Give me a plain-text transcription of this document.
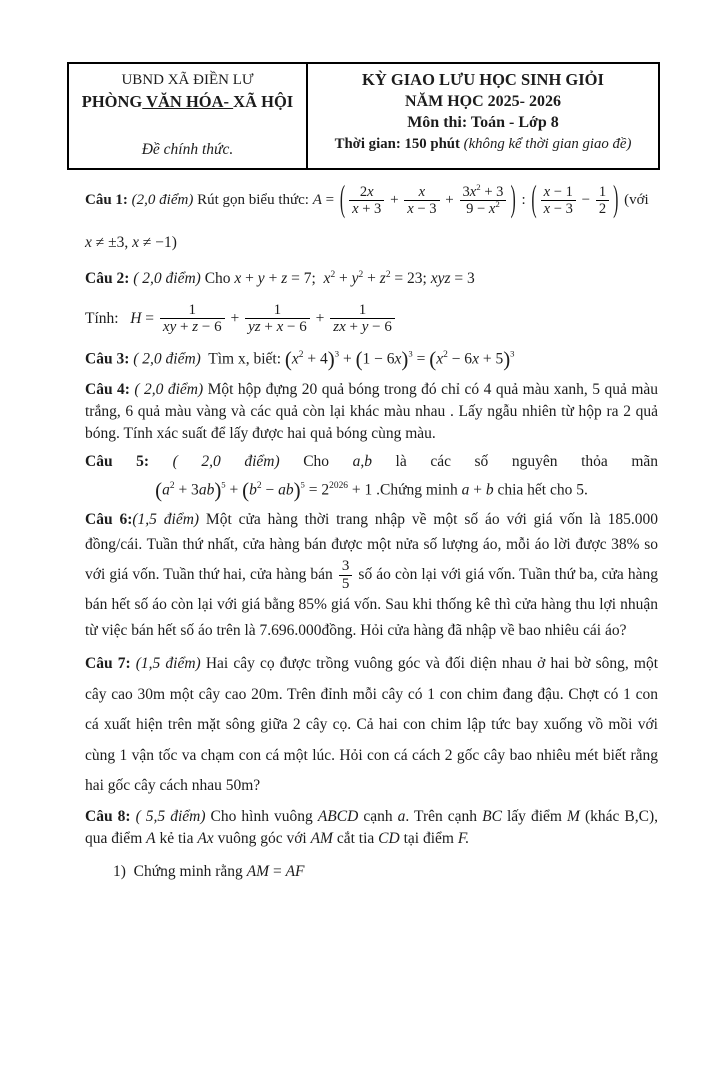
UBND XÃ ĐIỀN LƯ
PHÒNG VĂN HÓA- XÃ HỘI
Đề chính thức.
KỲ GIAO LƯU HỌC SINH GIỎI
NĂM HỌC 2025- 2026
Môn thi: Toán - Lớp 8
Thời gian: 150 phút (không kể thời gian giao đề)
Câu 1: (2,0 điểm) Rút gọn biểu thức: A = ( $\frac{2x}{x + 3} + \frac{x}{x - 3} + \frac{3x^2 + 3}{9 - x^2}$ ) : ( $\frac{x - 1}{x - 3} - \frac{1}{2}$ ) (với
x ≠ ±3, x ≠ −1)
Câu 2: ( 2,0 điểm) Cho x + y + z = 7;  $x^2 + y^2 + z^2 = 23$; xyz = 3
Tính:   $H = \frac{1}{xy + z - 6} + \frac{1}{yz + x - 6} + \frac{1}{zx + y - 6}$
Câu 3: ( 2,0 điểm)  Tìm x, biết: $(x^2 + 4)^3 + (1 - 6x)^3 = (x^2 - 6x + 5)^3$
Câu 4: ( 2,0 điểm) Một hộp đựng 20 quả bóng trong đó chỉ có 4 quả màu xanh, 5 quả màu trắng, 6 quả màu vàng và các quả còn lại khác màu nhau . Lấy ngẫu nhiên từ hộp ra 2 quả bóng. Tính xác suất để lấy được hai quả bóng cùng màu.
Câu 5: ( 2,0 điểm) Cho a,b là các số nguyên thỏa mãn
$(a^2 + 3ab)^5 + (b^2 - ab)^5 = 2^{2026} + 1$ .Chứng minh a + b chia hết cho 5.
Câu 6:(1,5 điểm) Một cửa hàng thời trang nhập về một số áo với giá vốn là 185.000 đồng/cái. Tuần thứ nhất, cửa hàng bán được một nửa số lượng áo, mỗi áo lời được 38% so với giá vốn. Tuần thứ hai, cửa hàng bán $\frac{3}{5}$ số áo còn lại với giá vốn. Tuần thứ ba, cửa hàng bán hết số áo còn lại với giá bằng 85% giá vốn. Sau khi thống kê thì cửa hàng thu lợi nhuận từ việc bán hết số áo trên là 7.696.000đồng. Hỏi cửa hàng đã nhập về bao nhiêu cái áo?
Câu 7: (1,5 điểm) Hai cây cọ được trồng vuông góc và đối diện nhau ở hai bờ sông, một cây cao 30m một cây cao 20m. Trên đỉnh mỗi cây có 1 con chim đang đậu. Chợt có 1 con cá xuất hiện trên mặt sông giữa 2 cây cọ. Cả hai con chim lập tức bay xuống vồ mồi với cùng 1 vận tốc va chạm con cá một lúc. Hỏi con cá cách 2 gốc cây bao nhiêu mét biết rằng hai gốc cây cách nhau 50m?
Câu 8: ( 5,5 điểm) Cho hình vuông ABCD cạnh a. Trên cạnh BC lấy điểm M (khác B,C), qua điểm A kẻ tia Ax vuông góc với AM cắt tia CD tại điểm F.
1)  Chứng minh rằng AM = AF
